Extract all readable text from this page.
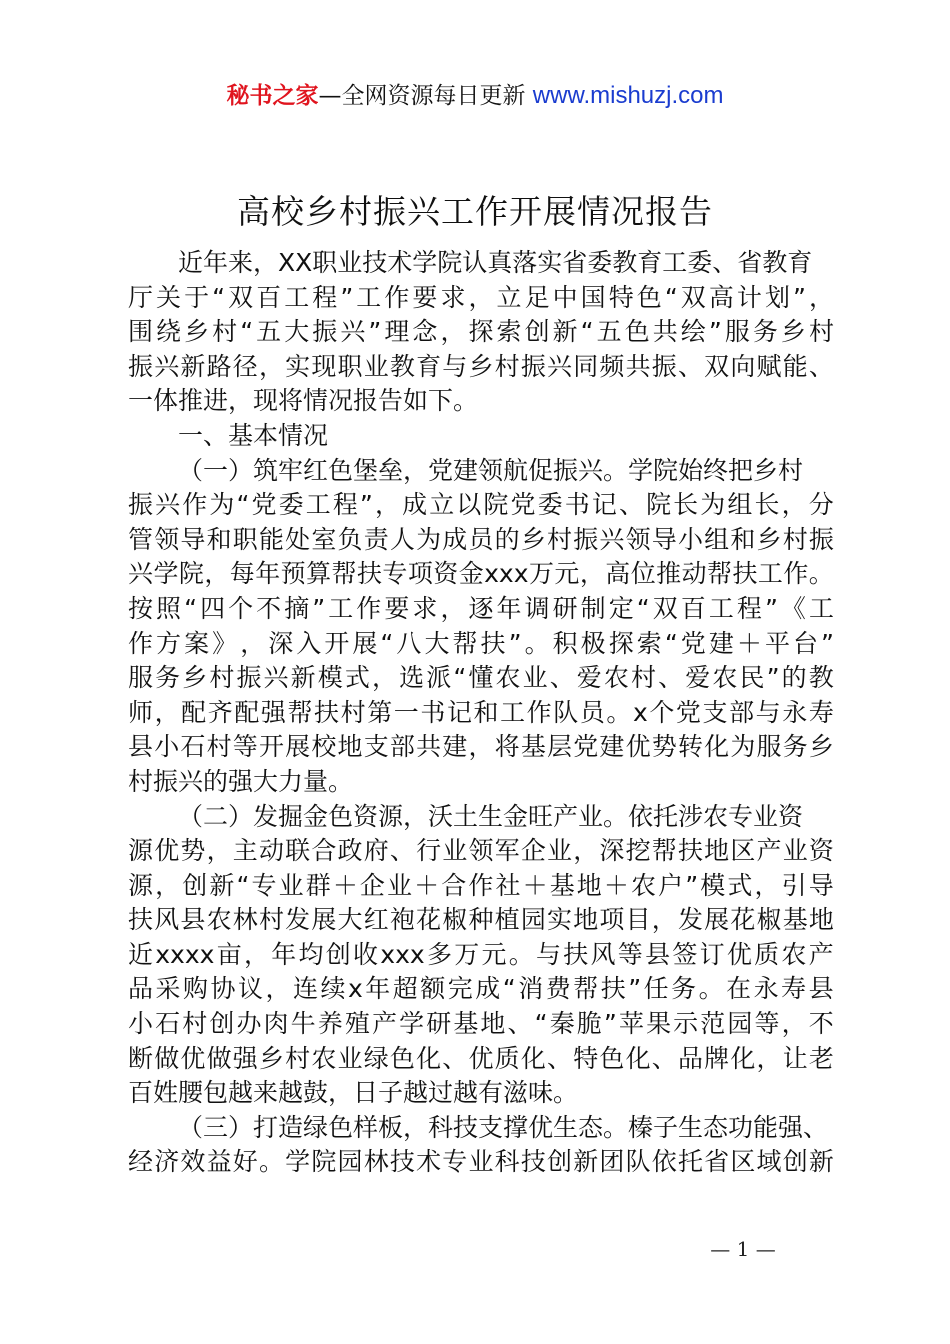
秘书之家—全网资源每日更新 www.mishuzj.com
高校乡村振兴工作开展情况报告
近年来，XX职业技术学院认真落实省委教育工委、省教育
厅 关 于 “ 双 百 工 程 ” 工 作 要 求 ， 立 足 中 国 特 色 “ 双 高 计 划 ” ，
围 绕 乡 村 “ 五 大 振 兴 ” 理 念 ， 探 索 创 新 “ 五 色 共 绘 ” 服 务 乡 村
振 兴 新 路 径 ， 实 现 职 业 教 育 与 乡 村 振 兴 同 频 共 振 、 双 向 赋 能 、
一体推进，现将情况报告如下。
一、基本情况
（一）筑牢红色堡垒，党建领航促振兴。学院始终把乡村
振 兴 作 为 “ 党 委 工 程 ” ， 成 立 以 院 党 委 书 记 、 院 长 为 组 长 ， 分
管 领 导 和 职 能 处 室 负 责 人 为 成 员 的 乡 村 振 兴 领 导 小 组 和 乡 村 振
兴 学 院 ， 每 年 预 算 帮 扶 专 项 资 金 xxx 万 元 ， 高 位 推 动 帮 扶 工 作 。
按 照 “ 四 个 不 摘 ” 工 作 要 求 ， 逐 年 调 研 制 定 “ 双 百 工 程 ” 《 工
作 方 案 》 ， 深 入 开 展 “ 八 大 帮 扶 ” 。 积 极 探 索 “ 党 建 ＋ 平 台 ”
服 务 乡 村 振 兴 新 模 式 ， 选 派 “ 懂 农 业 、 爱 农 村 、 爱 农 民 ” 的 教
师 ， 配 齐 配 强 帮 扶 村 第 一 书 记 和 工 作 队 员 。 x 个 党 支 部 与 永 寿
县 小 石 村 等 开 展 校 地 支 部 共 建 ， 将 基 层 党 建 优 势 转 化 为 服 务 乡
村振兴的强大力量。
（二）发掘金色资源，沃土生金旺产业。依托涉农专业资
源 优 势 ， 主 动 联 合 政 府 、 行 业 领 军 企 业 ， 深 挖 帮 扶 地 区 产 业 资
源 ， 创 新 “ 专 业 群 ＋ 企 业 ＋ 合 作 社 ＋ 基 地 ＋ 农 户 ” 模 式 ， 引 导
扶 风 县 农 林 村 发 展 大 红 袍 花 椒 种 植 园 实 地 项 目 ， 发 展 花 椒 基 地
近 xxxx 亩 ， 年 均 创 收 xxx 多 万 元 。 与 扶 风 等 县 签 订 优 质 农 产
品 采 购 协 议 ， 连 续 x 年 超 额 完 成 “ 消 费 帮 扶 ” 任 务 。 在 永 寿 县
小 石 村 创 办 肉 牛 养 殖 产 学 研 基 地 、 “ 秦 脆 ” 苹 果 示 范 园 等 ， 不
断 做 优 做 强 乡 村 农 业 绿 色 化 、 优 质 化 、 特 色 化 、 品 牌 化 ， 让 老
百姓腰包越来越鼓，日子越过越有滋味。
（三）打造绿色样板，科技支撑优生态。榛子生态功能强、
经 济 效 益 好 。 学 院 园 林 技 术 专 业 科 技 创 新 团 队 依 托 省 区 域 创 新
— 1 —
